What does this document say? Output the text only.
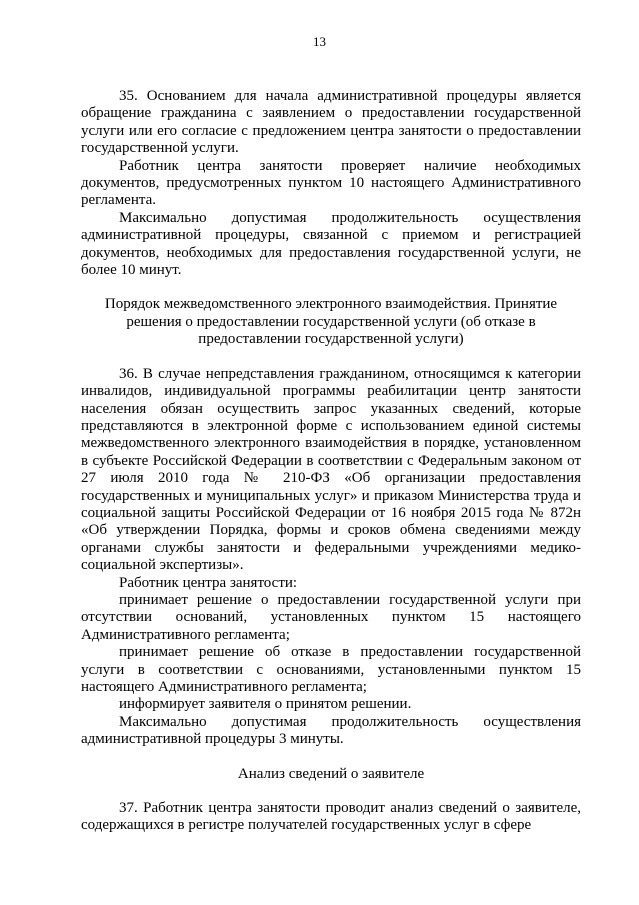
13

35. Основанием для начала административной процедуры является обращение гражданина с заявлением о предоставлении государственной услуги или его согласие с предложением центра занятости о предоставлении государственной услуги.

Работник центра занятости проверяет наличие необходимых документов, предусмотренных пунктом 10 настоящего Административного регламента.

Максимально допустимая продолжительность осуществления административной процедуры, связанной с приемом и регистрацией документов, необходимых для предоставления государственной услуги, не более 10 минут.

Порядок межведомственного электронного взаимодействия. Принятие
решения о предоставлении государственной услуги (об отказе в
предоставлении государственной услуги)

36. В случае непредставления гражданином, относящимся к категории инвалидов, индивидуальной программы реабилитации центр занятости населения обязан осуществить запрос указанных сведений, которые представляются в электронной форме с использованием единой системы межведомственного электронного взаимодействия в порядке, установленном в субъекте Российской Федерации в соответствии с Федеральным законом от 27 июля 2010 года № 210-ФЗ «Об организации предоставления государственных и муниципальных услуг» и приказом Министерства труда и социальной защиты Российской Федерации от 16 ноября 2015 года № 872н «Об утверждении Порядка, формы и сроков обмена сведениями между органами службы занятости и федеральными учреждениями медико-социальной экспертизы».

Работник центра занятости:

принимает решение о предоставлении государственной услуги при отсутствии оснований, установленных пунктом 15 настоящего Административного регламента;

принимает решение об отказе в предоставлении государственной услуги в соответствии с основаниями, установленными пунктом 15 настоящего Административного регламента;

информирует заявителя о принятом решении.

Максимально допустимая продолжительность осуществления административной процедуры 3 минуты.

Анализ сведений о заявителе

37. Работник центра занятости проводит анализ сведений о заявителе, содержащихся в регистре получателей государственных услуг в сфере
